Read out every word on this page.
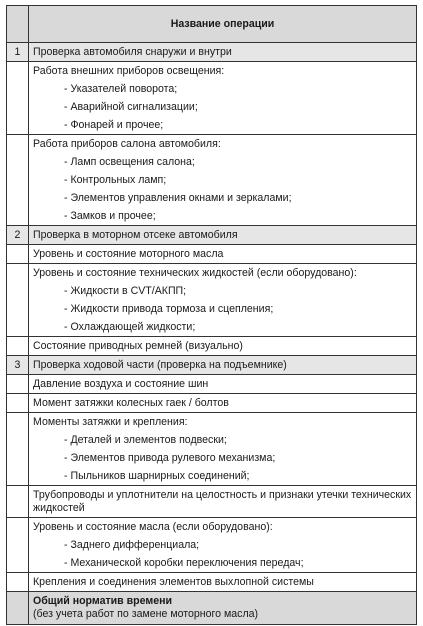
	Название операции
1	Проверка автомобиля снаружи и внутри

	Работа внешних приборов освещения:
- Указателей поворота;
- Аварийной сигнализации;
- Фонарей и прочее;

	Работа приборов салона автомобиля:
- Ламп освещения салона;
- Контрольных ламп;
- Элементов управления окнами и зеркалами;
- Замков и прочее;

2	Проверка в моторном отсеке автомобиля

	Уровень и состояние моторного масла

	Уровень и состояние технических жидкостей (если оборудовано):
- Жидкости в CVT/АКПП;
- Жидкости привода тормоза и сцепления;
- Охлаждающей жидкости;

	Состояние приводных ремней (визуально)

3	Проверка ходовой части (проверка на подъемнике)

	Давление воздуха и состояние шин

	Момент затяжки колесных гаек / болтов

	Моменты затяжки и крепления:
- Деталей и элементов подвески;
- Элементов привода рулевого механизма;
- Пыльников шарнирных соединений;

	Трубопроводы и уплотнители на целостность и признаки утечки технических жидкостей

	Уровень и состояние масла (если оборудовано):
- Заднего дифференциала;
- Механической коробки переключения передач;

	Крепления и соединения элементов выхлопной системы

	Общий норматив времени
(без учета работ по замене моторного масла)
